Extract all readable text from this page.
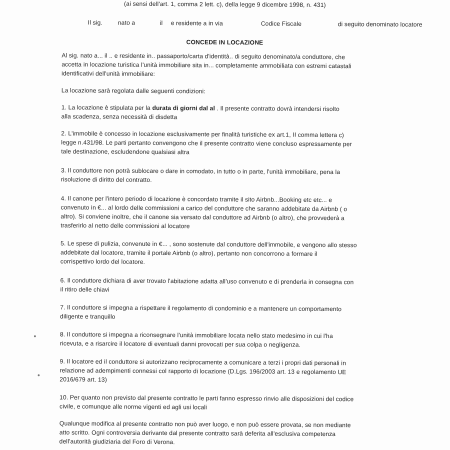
(ai sensi dell'art. 1, comma 2 lett. c), della legge 9 dicembre 1998, n. 431)
Il sig.	nato a	il e residente a in via	Codice Fiscale	di seguito denominato locatore
CONCEDE IN LOCAZIONE
Al sig. nato a... il .. e residente in.. passaporto/carta d'identità.. di seguito denominato/a conduttore, che
accetta in locazione turistica l'unità immobiliare sita in... completamente ammobiliata con estremi catastali
identificativi dell'unità immobiliare:
La locazione sarà regolata dalle seguenti condizioni:
1. La locazione è stipulata per la durata di giorni dal al . Il presente contratto dovrà intendersi risolto
alla scadenza, senza necessità di disdetta
2. L'immobile è concesso in locazione esclusivamente per finalità turistiche ex art.1, II comma lettera c)
legge n.431/98. Le parti pertanto convengono che il presente contratto viene concluso espressamente per
tale destinazione, escludendone qualsiasi altra
3. Il conduttore non potrà sublocare o dare in comodato, in tutto o in parte, l'unità immobiliare, pena la
risoluzione di diritto del contratto.
4. Il canone per l'intero periodo di locazione è concordato tramite il sito Airbnb...Booking etc etc... e
convenuto in €... al lordo delle commissioni a carico del conduttore che saranno addebitate da Airbnb ( o
altro). Si conviene inoltre, che il canone sia versato dal conduttore ad Airbnb (o altro), che provvederà a
trasferirlo al netto delle commissioni al locatore
5. Le spese di pulizia, convenute in €... , sono sostenute dal conduttore dell'immobile, e vengono allo stesso
addebitate dal locatore, tramite il portale Airbnb (o altro), pertanto non concorrono a formare il
corrispettivo lordo del locatore.
6. Il conduttore dichiara di aver trovato l'abitazione adatta all'uso convenuto e di prenderla in consegna con
il ritiro delle chiavi
7. Il conduttore si impegna a rispettare il regolamento di condominio e a mantenere un comportamento
diligente e tranquillo
8. Il conduttore si impegna a riconsegnare l'unità immobiliare locata nello stato medesimo in cui l'ha
ricevuta, e a risarcire il locatore di eventuali danni provocati per sua colpa o negligenza.
9. Il locatore ed il conduttore si autorizzano reciprocamente a comunicare a terzi i propri dati personali in
relazione ad adempimenti connessi col rapporto di locazione (D.Lgs. 196/2003 art. 13 e regolamento UE
2016/679 art. 13)
10. Per quanto non previsto dal presente contratto le parti fanno espresso rinvio alle disposizioni del codice
civile, e comunque alle norme vigenti ed agli usi locali
Qualunque modifica al presente contratto non può aver luogo, e non può essere provata, se non mediante
atto scritto. Ogni controversia derivante dal presente contratto sarà deferita all'esclusiva competenza
dell'autorità giudiziaria del Foro di Verona.
